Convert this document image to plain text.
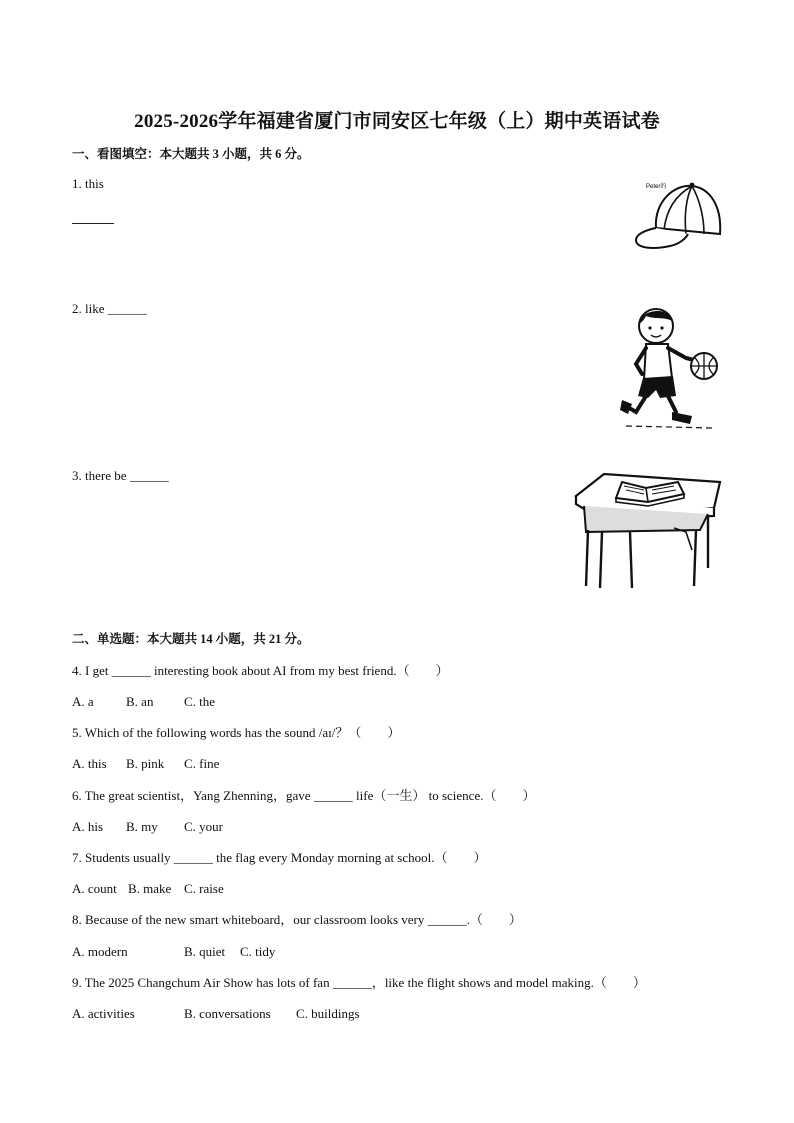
2025-2026学年福建省厦门市同安区七年级（上）期中英语试卷
一、看图填空：本大题共 3 小题，共 6 分。
1. this	Peter的
2. like ______
3. there be ______
二、单选题：本大题共 14 小题，共 21 分。
4. I get ______ interesting book about AI from my best friend.（　　）
A. a B. an C. the
5. Which of the following words has the sound /aɪ/？（　　）
A. this B. pink C. fine
6. The great scientist，Yang Zhenning，gave ______ life（一生） to science.（　　）
A. his B. my C. your
7. Students usually ______ the flag every Monday morning at school.（　　）
A. count B. make C. raise
8. Because of the new smart whiteboard，our classroom looks very ______.（　　）
A. modern	B. quiet C. tidy
9. The 2025 Changchum Air Show has lots of fan ______，like the flight shows and model making.（　　）
A. activities	B. conversations C. buildings
